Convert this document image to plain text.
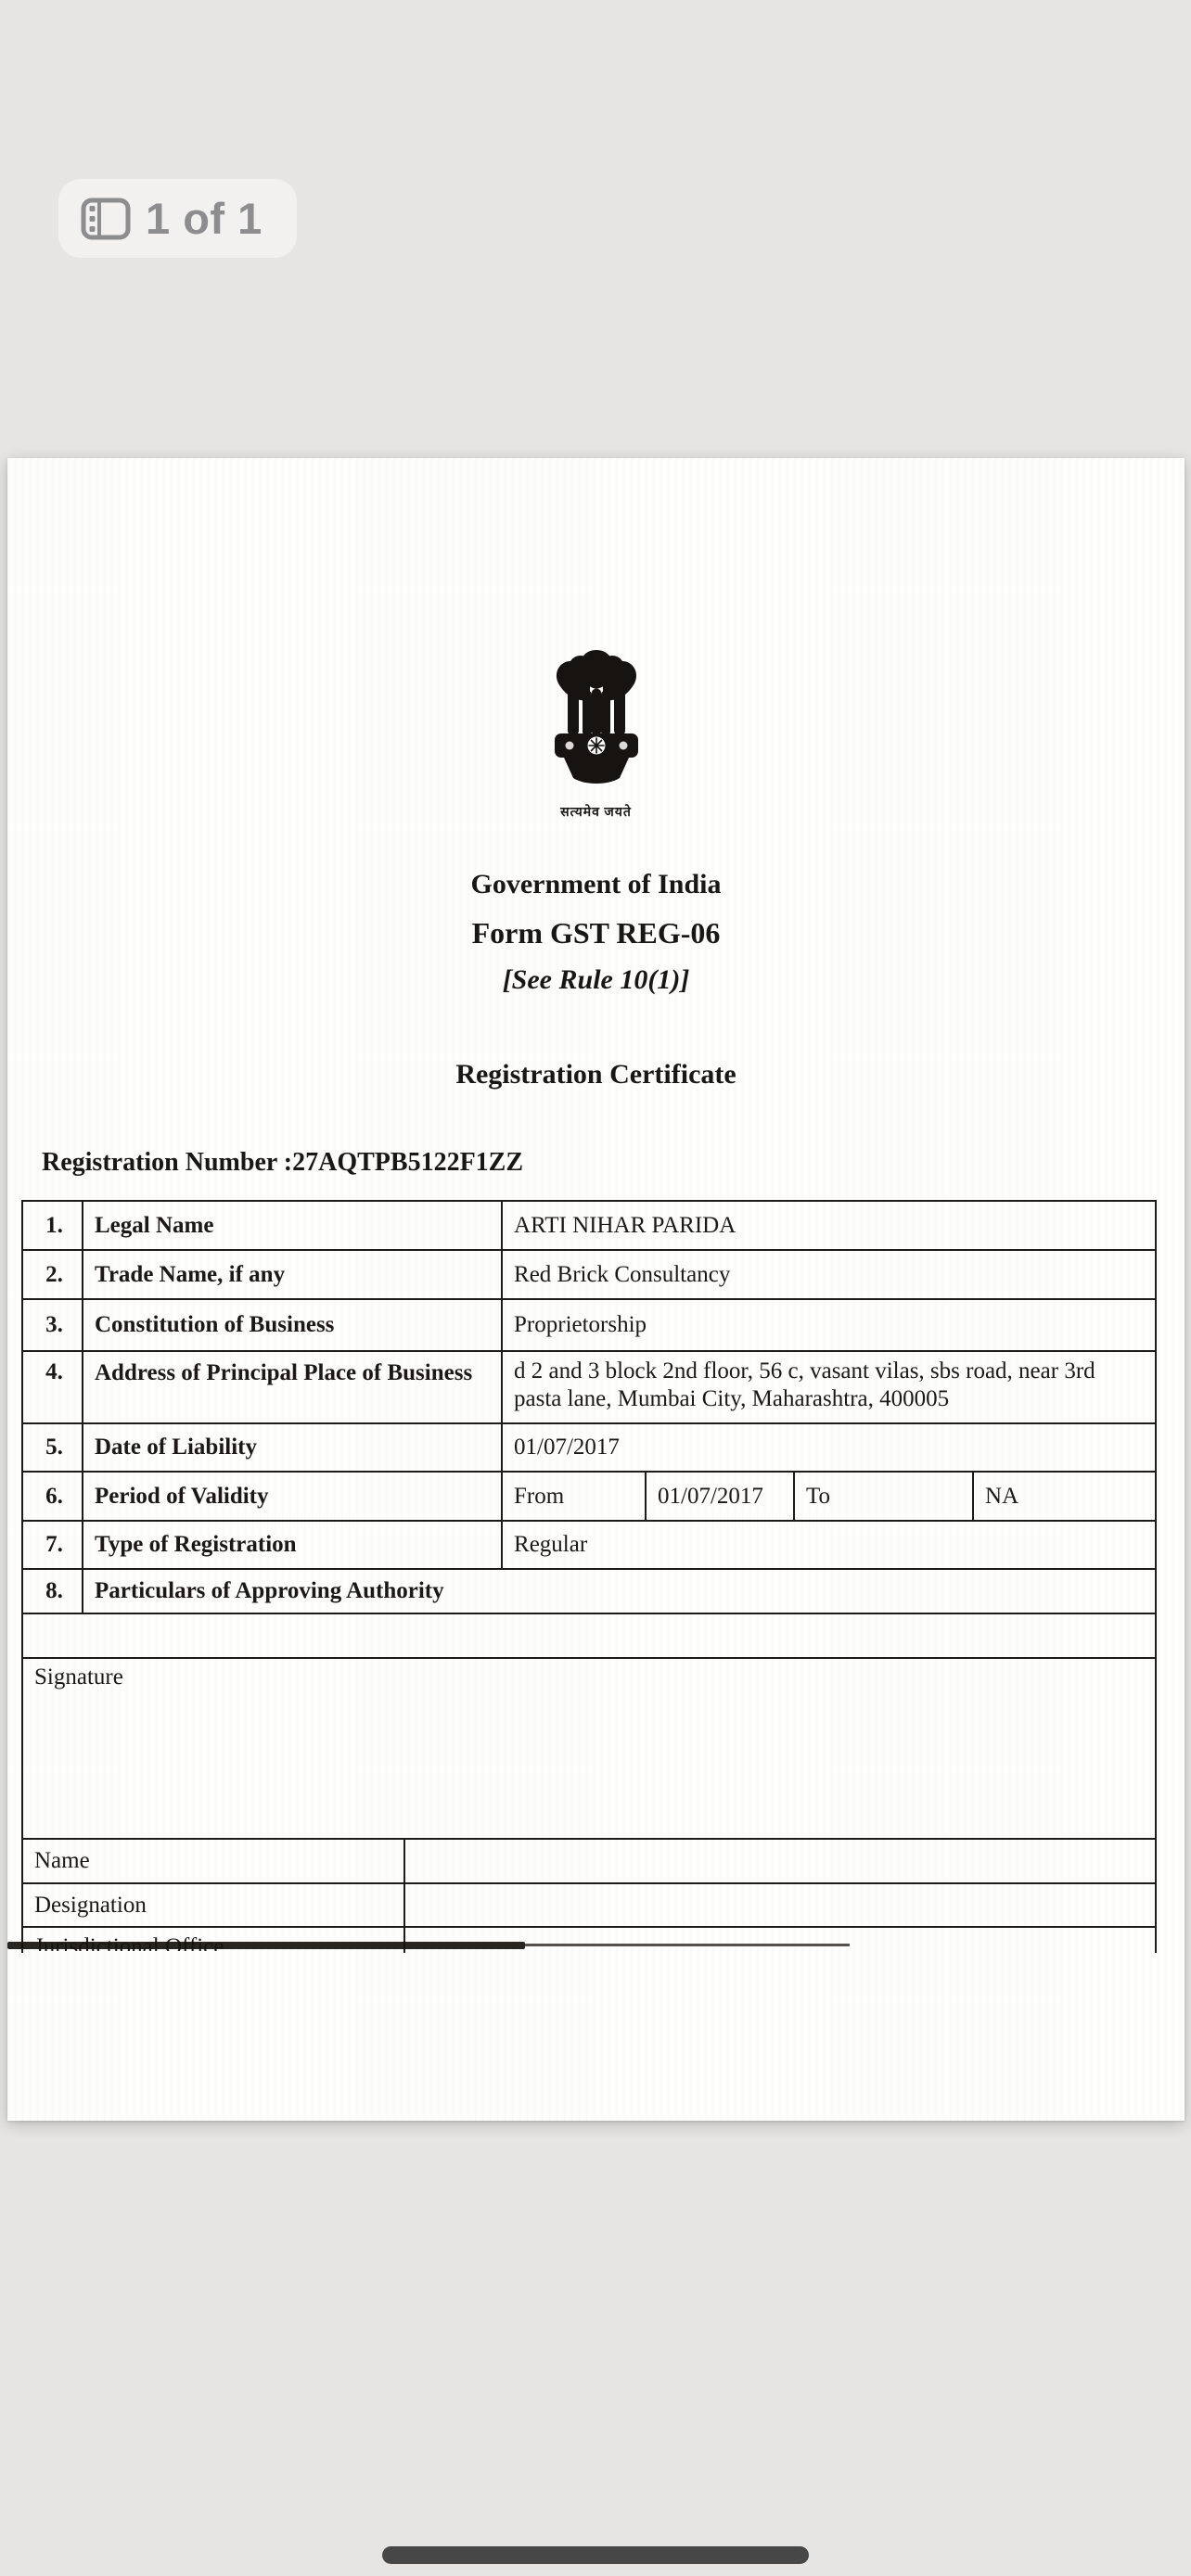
1 of 1
सत्यमेव जयते
Government of India
Form GST REG-06
[See Rule 10(1)]
Registration Certificate
Registration Number :27AQTPB5122F1ZZ
1.	Legal Name		ARTI NIHAR PARIDA			
2.	Trade Name, if any		Red Brick Consultancy			
3.	Constitution of Business		Proprietorship			
4.	Address of Principal Place of Business		d 2 and 3 block 2nd floor, 56 c, vasant vilas, sbs road, near 3rd pasta lane, Mumbai City, Maharashtra, 400005			
5.	Date of Liability		01/07/2017			
6.	Period of Validity		From	01/07/2017	To	NA
7.	Type of Registration		Regular			
8.	Particulars of Approving Authority					

Signature						
Name						
Designation						
